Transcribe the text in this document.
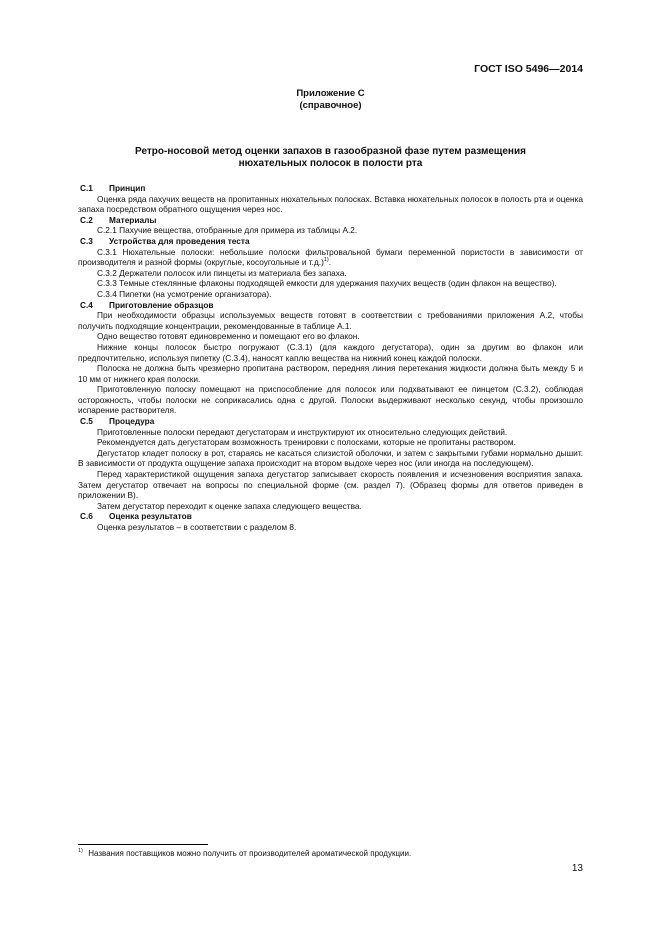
ГОСТ ISO 5496—2014
Приложение С
(справочное)
Ретро-носовой метод оценки запахов в газообразной фазе путем размещения
нюхательных полосок в полости рта
С.1 Принцип

Оценка ряда пахучих веществ на пропитанных нюхательных полосках. Вставка нюхательных полосок в полость рта и оценка запаха посредством обратного ощущения через нос.

С.2 Материалы

С.2.1 Пахучие вещества, отобранные для примера из таблицы А.2.

С.3 Устройства для проведения теста

С.3.1 Нюхательные полоски: небольшие полоски фильтровальной бумаги переменной пористости в зависимости от производителя и разной формы (округлые, косоугольные и т.д.)$^{1)}$.

С.3.2 Держатели полосок или пинцеты из материала без запаха.

С.3.3 Темные стеклянные флаконы подходящей емкости для удержания пахучих веществ (один флакон на вещество).

С.3.4 Пипетки (на усмотрение организатора).

С.4 Приготовление образцов

При необходимости образцы используемых веществ готовят в соответствии с требованиями приложения А.2, чтобы получить подходящие концентрации, рекомендованные в таблице А.1.

Одно вещество готовят единовременно и помещают его во флакон.

Нижние концы полосок быстро погружают (С.3.1) (для каждого дегустатора), один за другим во флакон или предпочтительно, используя пипетку (С.3.4), наносят каплю вещества на нижний конец каждой полоски.

Полоска не должна быть чрезмерно пропитана раствором, передняя линия перетекания жидкости должна быть между 5 и 10 мм от нижнего края полоски.

Приготовленную полоску помещают на приспособление для полосок или подхватывают ее пинцетом (С.3.2), соблюдая осторожность, чтобы полоски не соприкасались одна с другой. Полоски выдерживают несколько секунд, чтобы произошло испарение растворителя.

С.5 Процедура

Приготовленные полоски передают дегустаторам и инструктируют их относительно следующих действий.

Рекомендуется дать дегустаторам возможность тренировки с полосками, которые не пропитаны раствором.

Дегустатор кладет полоску в рот, стараясь не касаться слизистой оболочки, и затем с закрытыми губами нормально дышит. В зависимости от продукта ощущение запаха происходит на втором выдохе через нос (или иногда на последующем).

Перед характеристикой ощущения запаха дегустатор записывает скорость появления и исчезновения восприятия запаха. Затем дегустатор отвечает на вопросы по специальной форме (см. раздел 7). (Образец формы для ответов приведен в приложении В).

Затем дегустатор переходит к оценке запаха следующего вещества.

С.6 Оценка результатов

Оценка результатов – в соответствии с разделом 8.

$^{1)}$ Названия поставщиков можно получить от производителей ароматической продукции.
13
